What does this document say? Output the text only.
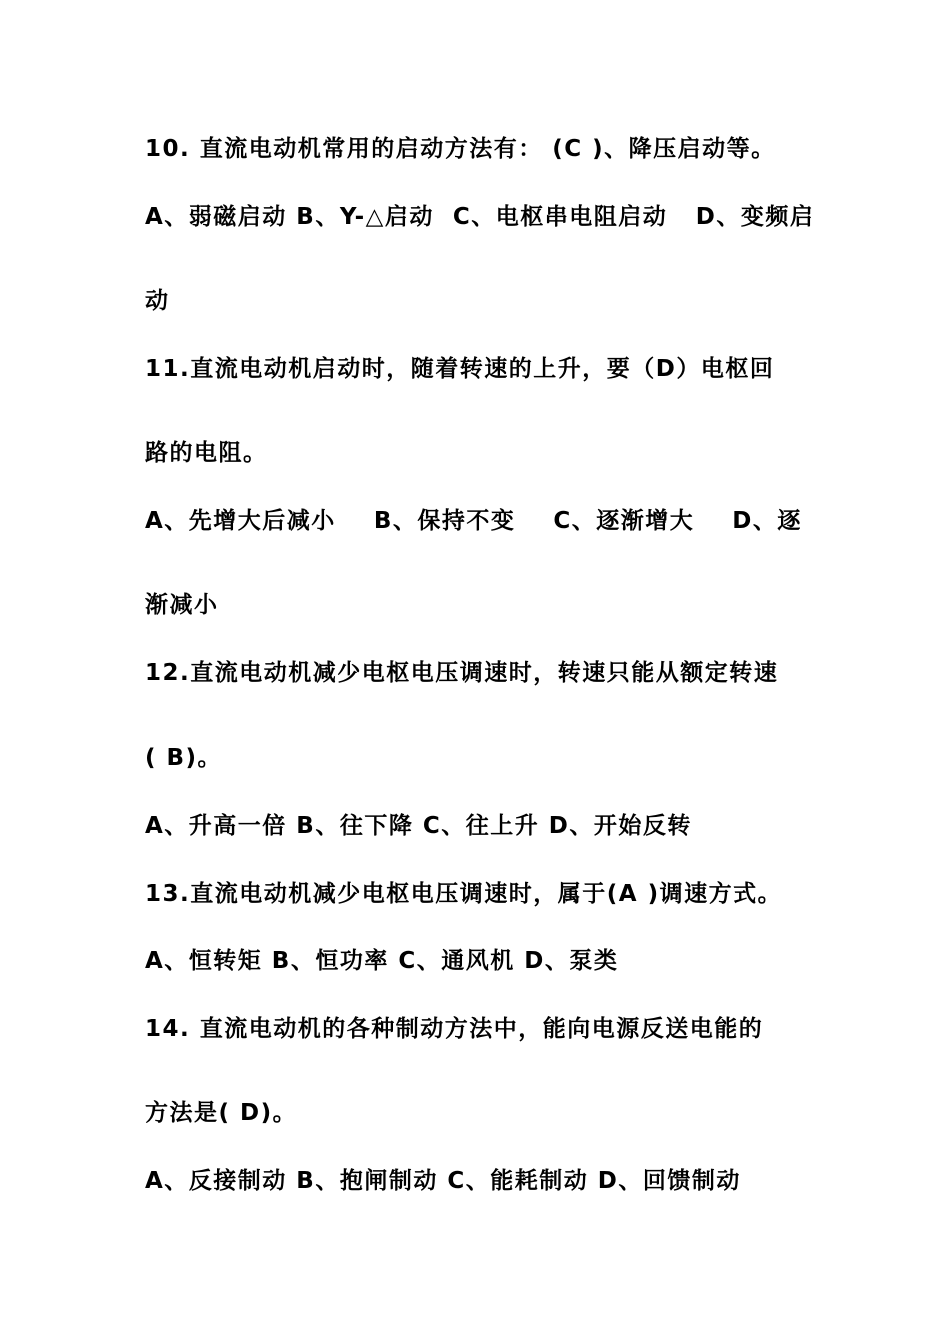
10. 直流电动机常用的启动方法有： (C )、降压启动等。
A、弱磁启动 B、Y-△启动  C、电枢串电阻启动   D、变频启
动
11.直流电动机启动时，随着转速的上升，要（D）电枢回
路的电阻。
A、先增大后减小    B、保持不变    C、逐渐增大    D、逐
渐减小
12.直流电动机减少电枢电压调速时，转速只能从额定转速
( B)。
A、升高一倍 B、往下降 C、往上升 D、开始反转
13.直流电动机减少电枢电压调速时，属于(A )调速方式。
A、恒转矩 B、恒功率 C、通风机 D、泵类
14. 直流电动机的各种制动方法中，能向电源反送电能的
方法是( D)。
A、反接制动 B、抱闸制动 C、能耗制动 D、回馈制动
